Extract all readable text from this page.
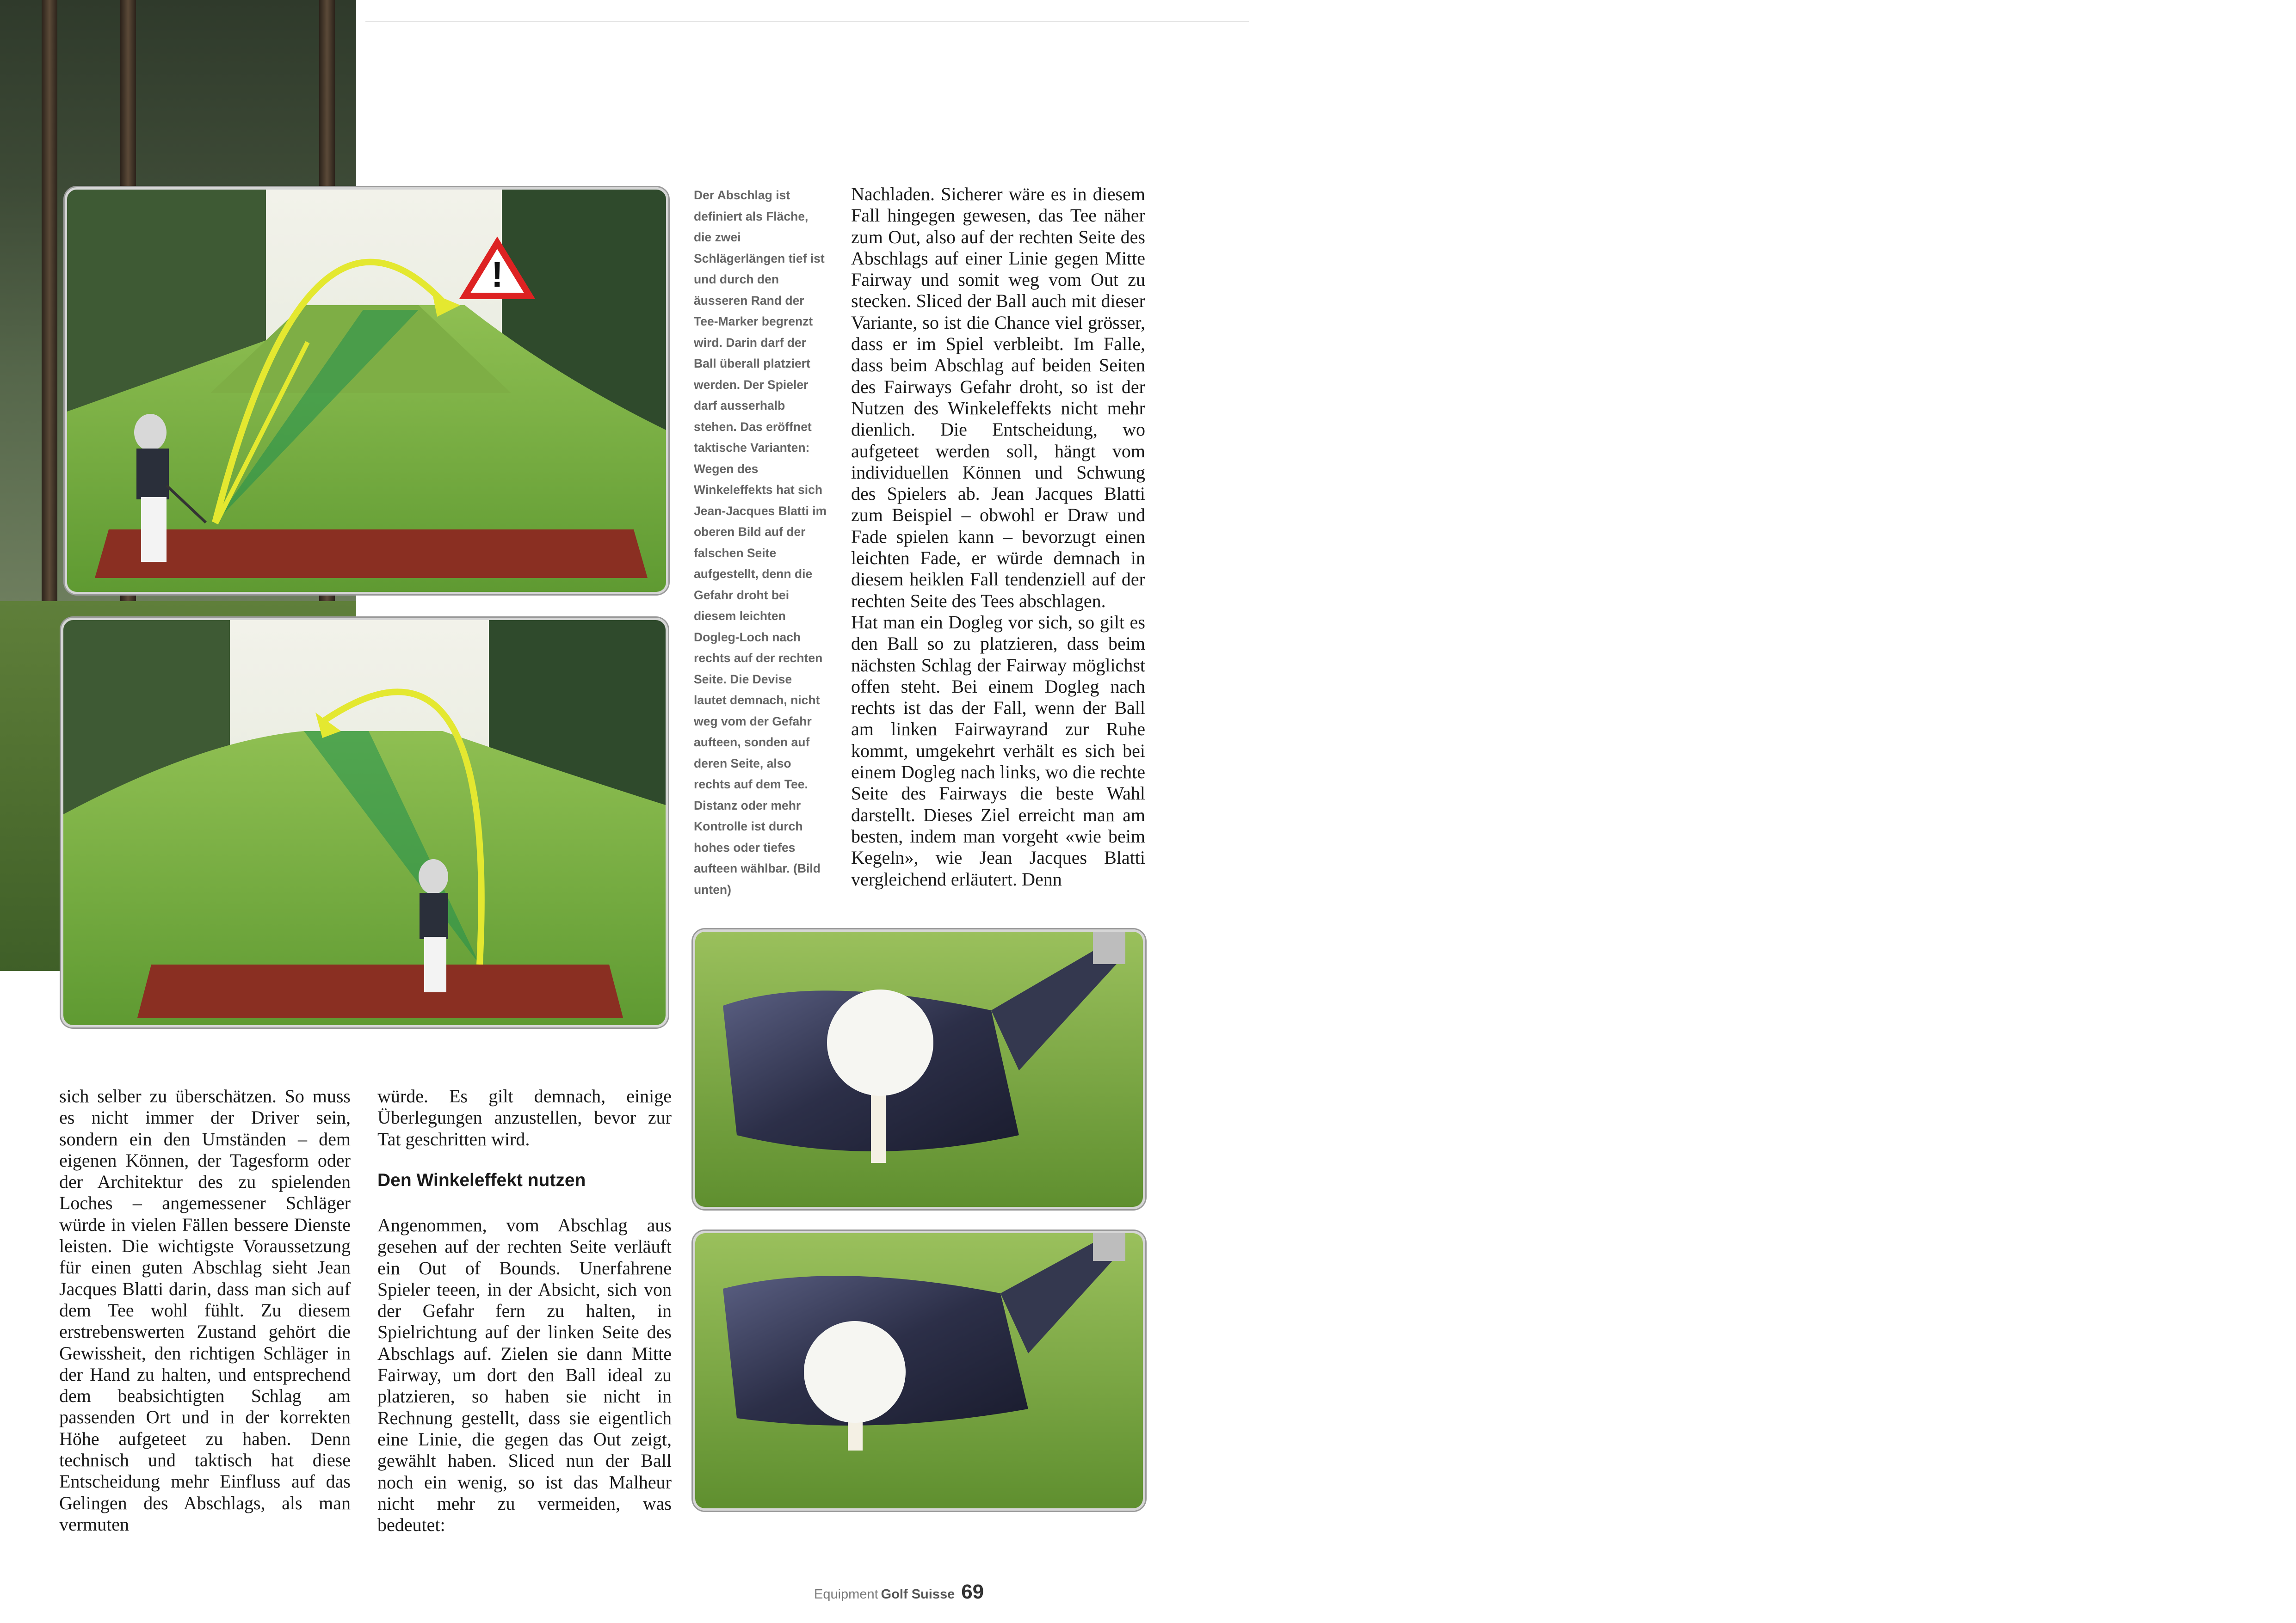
!

Der Abschlag ist definiert als Fläche, die zwei Schlägerlängen tief ist und durch den äusseren Rand der Tee-Marker begrenzt wird. Darin darf der Ball überall platziert werden. Der Spieler darf ausserhalb stehen. Das eröffnet taktische Varianten: Wegen des Winkeleffekts hat sich Jean-Jacques Blatti im oberen Bild auf der falschen Seite aufgestellt, denn die Gefahr droht bei diesem leichten Dogleg-Loch nach rechts auf der rechten Seite. Die Devise lautet demnach, nicht weg vom der Gefahr aufteen, sonden auf deren Seite, also rechts auf dem Tee. Distanz oder mehr Kontrolle ist durch hohes oder tiefes aufteen wählbar. (Bild unten)

Nachladen. Sicherer wäre es in diesem Fall hingegen gewesen, das Tee näher zum Out, also auf der rechten Seite des Abschlags auf einer Linie gegen Mitte Fairway und somit weg vom Out zu stecken. Sliced der Ball auch mit dieser Variante, so ist die Chance viel grösser, dass er im Spiel verbleibt. Im Falle, dass beim Abschlag auf beiden Seiten des Fairways Gefahr droht, so ist der Nutzen des Winkeleffekts nicht mehr dienlich. Die Entscheidung, wo aufgeteet werden soll, hängt vom individuellen Können und Schwung des Spielers ab. Jean Jacques Blatti zum Beispiel – obwohl er Draw und Fade spielen kann – bevorzugt einen leichten Fade, er würde demnach in diesem heiklen Fall tendenziell auf der rechten Seite des Tees abschlagen.

Hat man ein Dogleg vor sich, so gilt es den Ball so zu platzieren, dass beim nächsten Schlag der Fairway möglichst offen steht. Bei einem Dogleg nach rechts ist das der Fall, wenn der Ball am linken Fairwayrand zur Ruhe kommt, umgekehrt verhält es sich bei einem Dogleg nach links, wo die rechte Seite des Fairways die beste Wahl darstellt. Dieses Ziel erreicht man am besten, indem man vorgeht «wie beim Kegeln», wie Jean Jacques Blatti vergleichend erläutert. Denn

sich selber zu überschätzen. So muss es nicht immer der Driver sein, sondern ein den Umständen – dem eigenen Können, der Tagesform oder der Architektur des zu spielenden Loches – angemessener Schläger würde in vielen Fällen bessere Dienste leisten. Die wichtigste Voraussetzung für einen guten Abschlag sieht Jean Jacques Blatti darin, dass man sich auf dem Tee wohl fühlt. Zu diesem erstrebenswerten Zustand gehört die Gewissheit, den richtigen Schläger in der Hand zu halten, und entsprechend dem beabsichtigten Schlag am passenden Ort und in der korrekten Höhe aufgeteet zu haben. Denn technisch und taktisch hat diese Entscheidung mehr Einfluss auf das Gelingen des Abschlags, als man vermuten

würde. Es gilt demnach, einige Überlegungen anzustellen, bevor zur Tat geschritten wird.

Den Winkeleffekt nutzen

Angenommen, vom Abschlag aus gesehen auf der rechten Seite verläuft ein Out of Bounds. Unerfahrene Spieler teeen, in der Absicht, sich von der Gefahr fern zu halten, in Spielrichtung auf der linken Seite des Abschlags auf. Zielen sie dann Mitte Fairway, um dort den Ball ideal zu platzieren, so haben sie nicht in Rechnung gestellt, dass sie eigentlich eine Linie, die gegen das Out zeigt, gewählt haben. Sliced nun der Ball noch ein wenig, so ist das Malheur nicht mehr zu vermeiden, was bedeutet:

Equipment Golf Suisse 69
